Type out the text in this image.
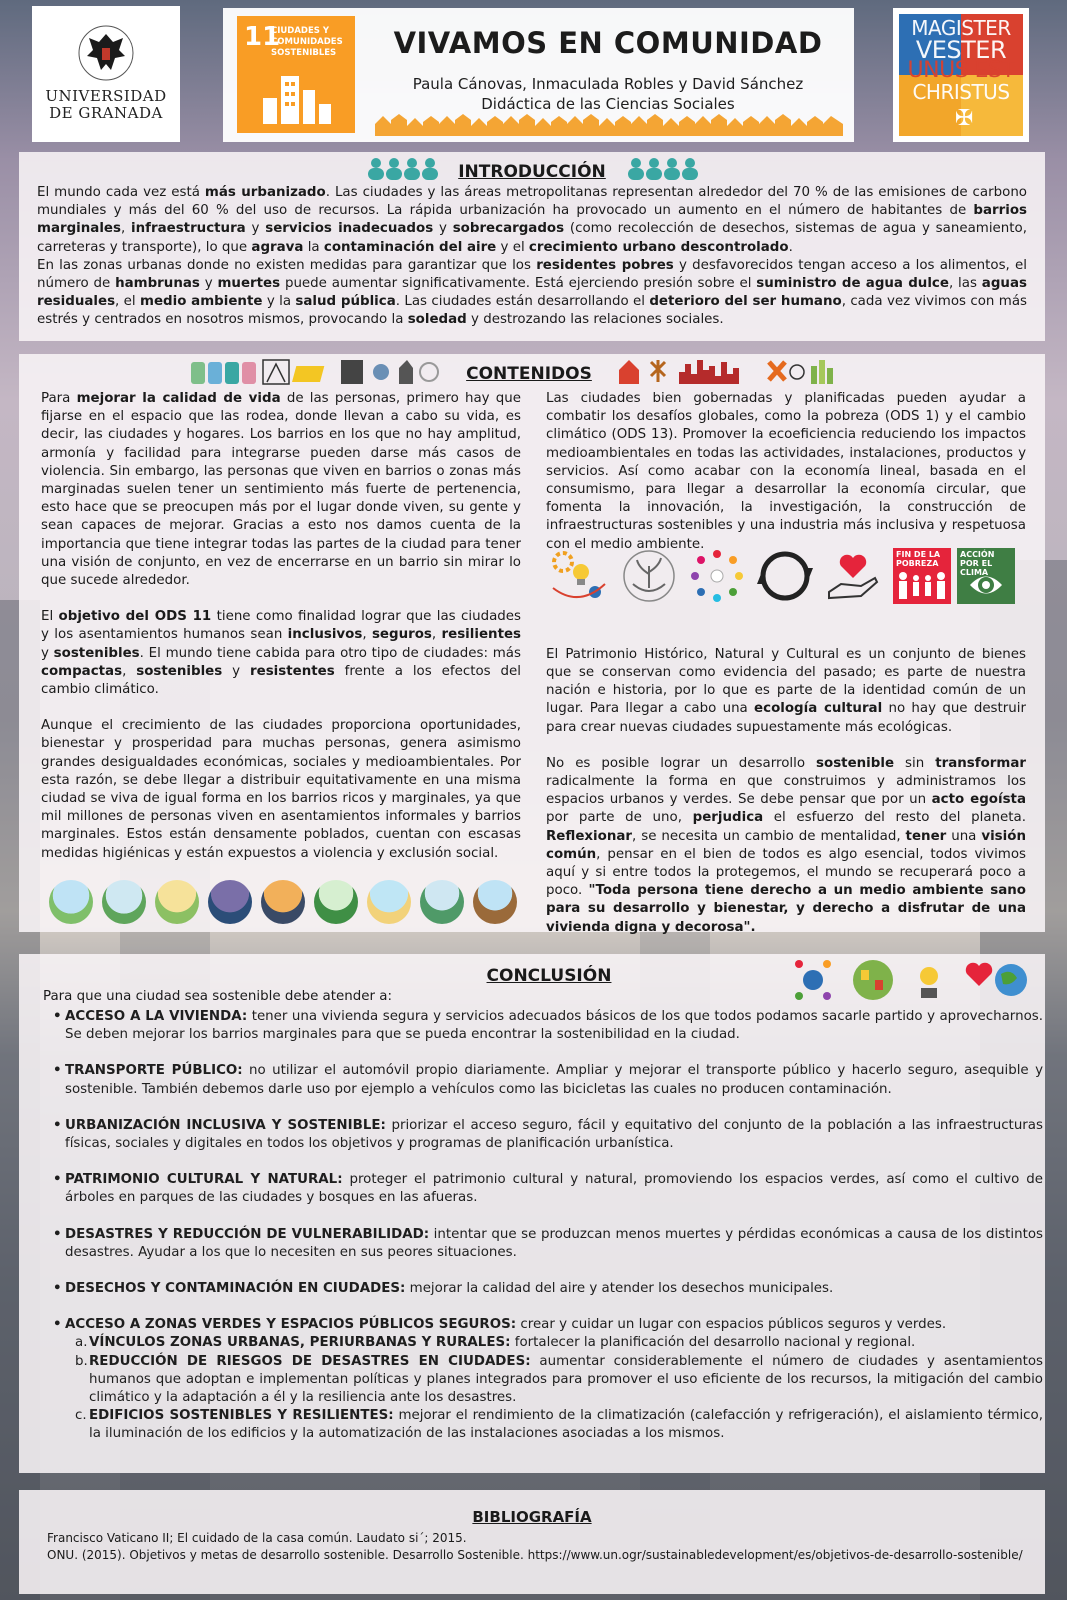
UNIVERSIDAD
DE GRANADA
11
CIUDADES Y COMUNIDADES SOSTENIBLES	VIVAMOS EN COMUNIDAD
Paula Cánovas, Inmaculada Robles y David Sánchez
Didáctica de las Ciencias Sociales
MAGISTER
VESTER
UNUS EST
CHRISTUS
✠
INTRODUCCIÓN
El mundo cada vez está más urbanizado. Las ciudades y las áreas metropolitanas representan alrededor del 70 % de las emisiones de carbono mundiales y más del 60 % del uso de recursos. La rápida urbanización ha provocado un aumento en el número de habitantes de barrios marginales, infraestructura y servicios inadecuados y sobrecargados (como recolección de desechos, sistemas de agua y saneamiento, carreteras y transporte), lo que agrava la contaminación del aire y el crecimiento urbano descontrolado.
En las zonas urbanas donde no existen medidas para garantizar que los residentes pobres y desfavorecidos tengan acceso a los alimentos, el número de hambrunas y muertes puede aumentar significativamente. Está ejerciendo presión sobre el suministro de agua dulce, las aguas residuales, el medio ambiente y la salud pública. Las ciudades están desarrollando el deterioro del ser humano, cada vez vivimos con más estrés y centrados en nosotros mismos, provocando la soledad y destrozando las relaciones sociales.
CONTENIDOS

Para mejorar la calidad de vida de las personas, primero hay que fijarse en el espacio que las rodea, donde llevan a cabo su vida, es decir, las ciudades y hogares. Los barrios en los que no hay amplitud, armonía y facilidad para integrarse pueden darse más casos de violencia. Sin embargo, las personas que viven en barrios o zonas más marginadas suelen tener un sentimiento más fuerte de pertenencia, esto hace que se preocupen más por el lugar donde viven, su gente y sean capaces de mejorar. Gracias a esto nos damos cuenta de la importancia que tiene integrar todas las partes de la ciudad para tener una visión de conjunto, en vez de encerrarse en un barrio sin mirar lo que sucede alrededor.

El objetivo del ODS 11 tiene como finalidad lograr que las ciudades y los asentamientos humanos sean inclusivos, seguros, resilientes y sostenibles. El mundo tiene cabida para otro tipo de ciudades: más compactas, sostenibles y resistentes frente a los efectos del cambio climático.

Aunque el crecimiento de las ciudades proporciona oportunidades, bienestar y prosperidad para muchas personas, genera asimismo grandes desigualdades económicas, sociales y medioambientales. Por esta razón, se debe llegar a distribuir equitativamente en una misma ciudad se viva de igual forma en los barrios ricos y marginales, ya que mil millones de personas viven en asentamientos informales y barrios marginales. Estos están densamente poblados, cuentan con escasas medidas higiénicas y están expuestos a violencia y exclusión social.

Las ciudades bien gobernadas y planificadas pueden ayudar a combatir los desafíos globales, como la pobreza (ODS 1) y el cambio climático (ODS 13). Promover la ecoeficiencia reduciendo los impactos medioambientales en todas las actividades, instalaciones, productos y servicios. Así como acabar con la economía lineal, basada en el consumismo, para llegar a desarrollar la economía circular, que fomenta la innovación, la investigación, la construcción de infraestructuras sostenibles y una industria más inclusiva y respetuosa con el medio ambiente.

El Patrimonio Histórico, Natural y Cultural es un conjunto de bienes que se conservan como evidencia del pasado; es parte de nuestra nación e historia, por lo que es parte de la identidad común de un lugar. Para llegar a cabo una ecología cultural no hay que destruir para crear nuevas ciudades supuestamente más ecológicas.

No es posible lograr un desarrollo sostenible sin transformar radicalmente la forma en que construimos y administramos los espacios urbanos y verdes. Se debe pensar que por un acto egoísta por parte de uno, perjudica el esfuerzo del resto del planeta. Reflexionar, se necesita un cambio de mentalidad, tener una visión común, pensar en el bien de todos es algo esencial, todos vivimos aquí y si entre todos la protegemos, el mundo se recuperará poco a poco. "Toda persona tiene derecho a un medio ambiente sano para su desarrollo y bienestar, y derecho a disfrutar de una vivienda digna y decorosa".

FIN DE LA POBREZA
ACCIÓN POR EL CLIMA
CONCLUSIÓN
Para que una ciudad sea sostenible debe atender a:
• ACCESO A LA VIVIENDA: tener una vivienda segura y servicios adecuados básicos de los que todos podamos sacarle partido y aprovecharnos. Se deben mejorar los barrios marginales para que se pueda encontrar la sostenibilidad en la ciudad.
• TRANSPORTE PÚBLICO: no utilizar el automóvil propio diariamente. Ampliar y mejorar el transporte público y hacerlo seguro, asequible y sostenible. También debemos darle uso por ejemplo a vehículos como las bicicletas las cuales no producen contaminación.
• URBANIZACIÓN INCLUSIVA Y SOSTENIBLE: priorizar el acceso seguro, fácil y equitativo del conjunto de la población a las infraestructuras físicas, sociales y digitales en todos los objetivos y programas de planificación urbanística.
• PATRIMONIO CULTURAL Y NATURAL: proteger el patrimonio cultural y natural, promoviendo los espacios verdes, así como el cultivo de árboles en parques de las ciudades y bosques en las afueras.
• DESASTRES Y REDUCCIÓN DE VULNERABILIDAD: intentar que se produzcan menos muertes y pérdidas económicas a causa de los distintos desastres. Ayudar a los que lo necesiten en sus peores situaciones.
• DESECHOS Y CONTAMINACIÓN EN CIUDADES: mejorar la calidad del aire y atender los desechos municipales.
• ACCESO A ZONAS VERDES Y ESPACIOS PÚBLICOS SEGUROS: crear y cuidar un lugar con espacios públicos seguros y verdes.
a. VÍNCULOS ZONAS URBANAS, PERIURBANAS Y RURALES: fortalecer la planificación del desarrollo nacional y regional.
b. REDUCCIÓN DE RIESGOS DE DESASTRES EN CIUDADES: aumentar considerablemente el número de ciudades y asentamientos humanos que adoptan e implementan políticas y planes integrados para promover el uso eficiente de los recursos, la mitigación del cambio climático y la adaptación a él y la resiliencia ante los desastres.
c. EDIFICIOS SOSTENIBLES Y RESILIENTES: mejorar el rendimiento de la climatización (calefacción y refrigeración), el aislamiento térmico, la iluminación de los edificios y la automatización de las instalaciones asociadas a los mismos.
BIBLIOGRAFÍA
Francisco Vaticano II; El cuidado de la casa común. Laudato si´; 2015.
ONU. (2015). Objetivos y metas de desarrollo sostenible. Desarrollo Sostenible. https://www.un.ogr/sustainabledevelopment/es/objetivos-de-desarrollo-sostenible/
